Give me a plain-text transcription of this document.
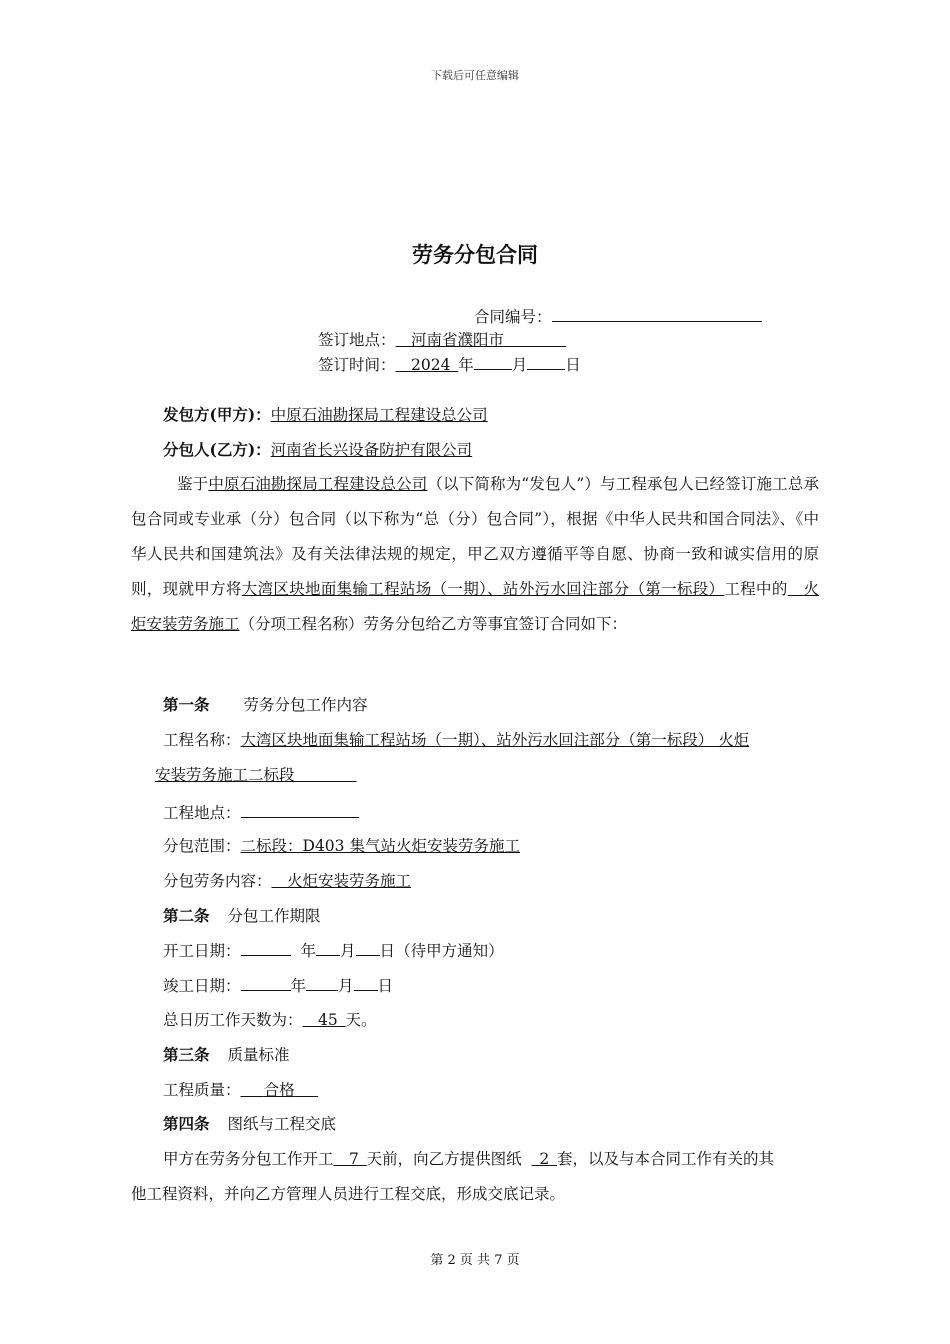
下载后可任意编辑
劳务分包合同
合同编号：
签订地点：   河南省濮阳市        
签订时间：   2024  年 月 日
发包方(甲方)：中原石油勘探局工程建设总公司
分包人(乙方)：河南省长兴设备防护有限公司
鉴于中原石油勘探局工程建设总公司（以下简称为“发包人”）与工程承包人已经签订施工总承包合同或专业承（分）包合同（以下称为“总（分）包合同”），根据《中华人民共和国合同法》、《中华人民共和国建筑法》及有关法律法规的规定，甲乙双方遵循平等自愿、协商一致和诚实信用的原则，现就甲方将大湾区块地面集输工程站场（一期）、站外污水回注部分（第一标段）工程中的   火炬安装劳务施工（分项工程名称）劳务分包给乙方等事宜签订合同如下：
第一条 劳务分包工作内容
工程名称：大湾区块地面集输工程站场（一期）、站外污水回注部分（第一标段） 火炬
安装劳务施工二标段        
工程地点：
分包范围：二标段：D403 集气站火炬安装劳务施工
分包劳务内容：   火炬安装劳务施工
第二条 分包工作期限
开工日期：	年 月 日（待甲方通知）
竣工日期：	年 月 日
总日历工作天数为：   45  天。
第三条 质量标准
工程质量：    合格   
第四条 图纸与工程交底
甲方在劳务分包工作开工   7  天前，向乙方提供图纸  2  套，以及与本合同工作有关的其
他工程资料，并向乙方管理人员进行工程交底，形成交底记录。
第 2 页 共 7 页
